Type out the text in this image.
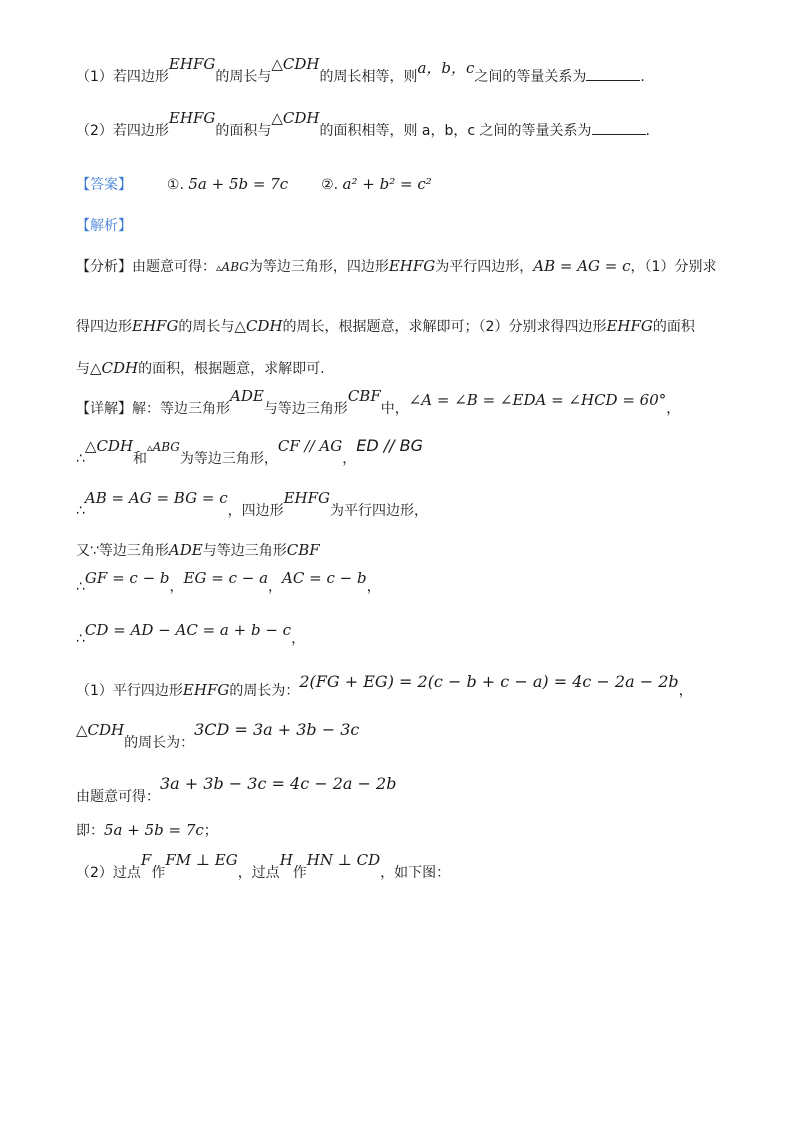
（1）若四边形EHFG的周长与△CDH的周长相等，则a，b，c之间的等量关系为	.
（2）若四边形EHFG的面积与△CDH的面积相等，则 a，b，c 之间的等量关系为	.
【答案】 ①. 5a + 5b = 7c ②. a² + b² = c²
【解析】
【分析】由题意可得：▵ABG为等边三角形，四边形EHFG为平行四边形，AB = AG = c，（1）分别求
得四边形EHFG的周长与△CDH的周长，根据题意，求解即可；（2）分别求得四边形EHFG的面积
与△CDH的面积，根据题意，求解即可.
【详解】解：等边三角形ADE与等边三角形CBF中，∠A = ∠B = ∠EDA = ∠HCD = 60°，
∴△CDH和▵ABG为等边三角形，CF // AG，ED // BG
∴AB = AG = BG = c，四边形EHFG为平行四边形，
又∵等边三角形ADE与等边三角形CBF
∴GF = c − b，EG = c − a，AC = c − b，
∴CD = AD − AC = a + b − c，
（1）平行四边形EHFG的周长为：2(FG + EG) = 2(c − b + c − a) = 4c − 2a − 2b，
△CDH的周长为：3CD = 3a + 3b − 3c
由题意可得：3a + 3b − 3c = 4c − 2a − 2b
即：5a + 5b = 7c；
（2）过点F作FM ⊥ EG，过点H作HN ⊥ CD，如下图：
